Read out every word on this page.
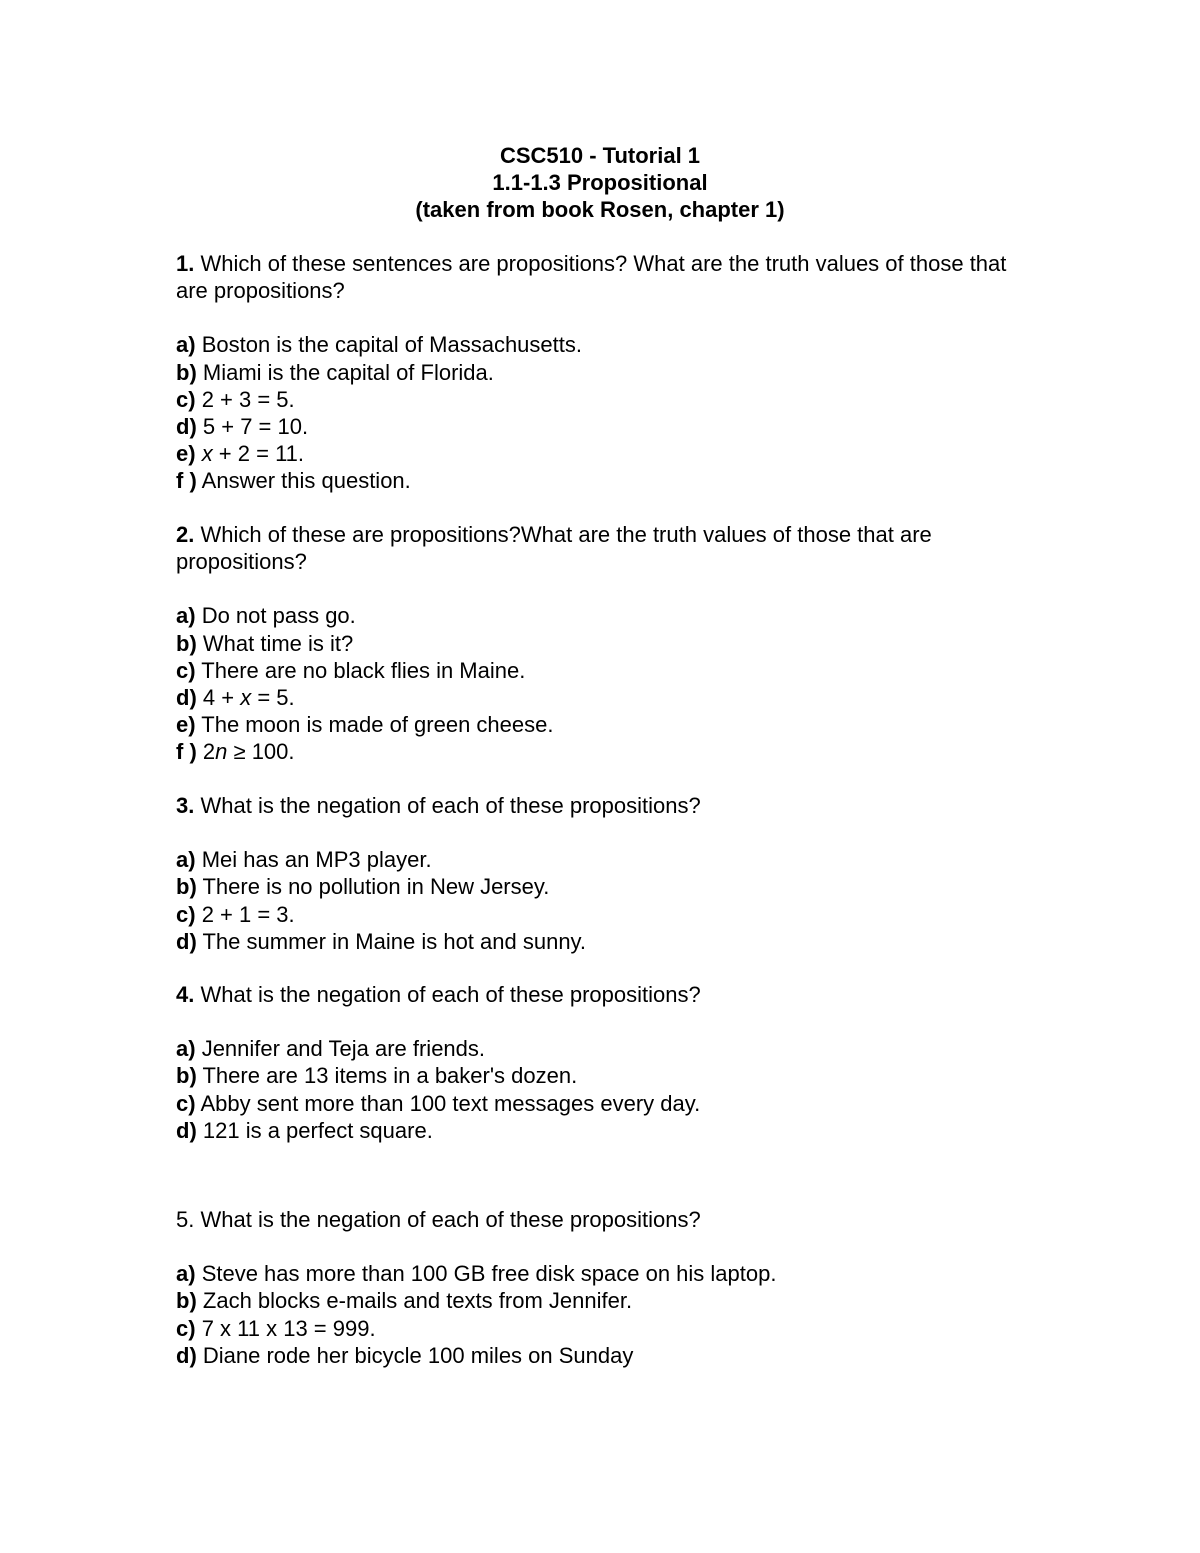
CSC510 - Tutorial 1
1.1-1.3 Propositional
(taken from book Rosen, chapter 1)

1. Which of these sentences are propositions? What are the truth values of those that are propositions?

a) Boston is the capital of Massachusetts.

b) Miami is the capital of Florida.

c) 2 + 3 = 5.

d) 5 + 7 = 10.

e) x + 2 = 11.

f ) Answer this question.

2. Which of these are propositions?What are the truth values of those that are propositions?

a) Do not pass go.

b) What time is it?

c) There are no black flies in Maine.

d) 4 + x = 5.

e) The moon is made of green cheese.

f ) 2n ≥ 100.

3. What is the negation of each of these propositions?

a) Mei has an MP3 player.

b) There is no pollution in New Jersey.

c) 2 + 1 = 3.

d) The summer in Maine is hot and sunny.

4. What is the negation of each of these propositions?

a) Jennifer and Teja are friends.

b) There are 13 items in a baker's dozen.

c) Abby sent more than 100 text messages every day.

d) 121 is a perfect square.

5. What is the negation of each of these propositions?

a) Steve has more than 100 GB free disk space on his laptop.

b) Zach blocks e-mails and texts from Jennifer.

c) 7 x 11 x 13 = 999.

d) Diane rode her bicycle 100 miles on Sunday
